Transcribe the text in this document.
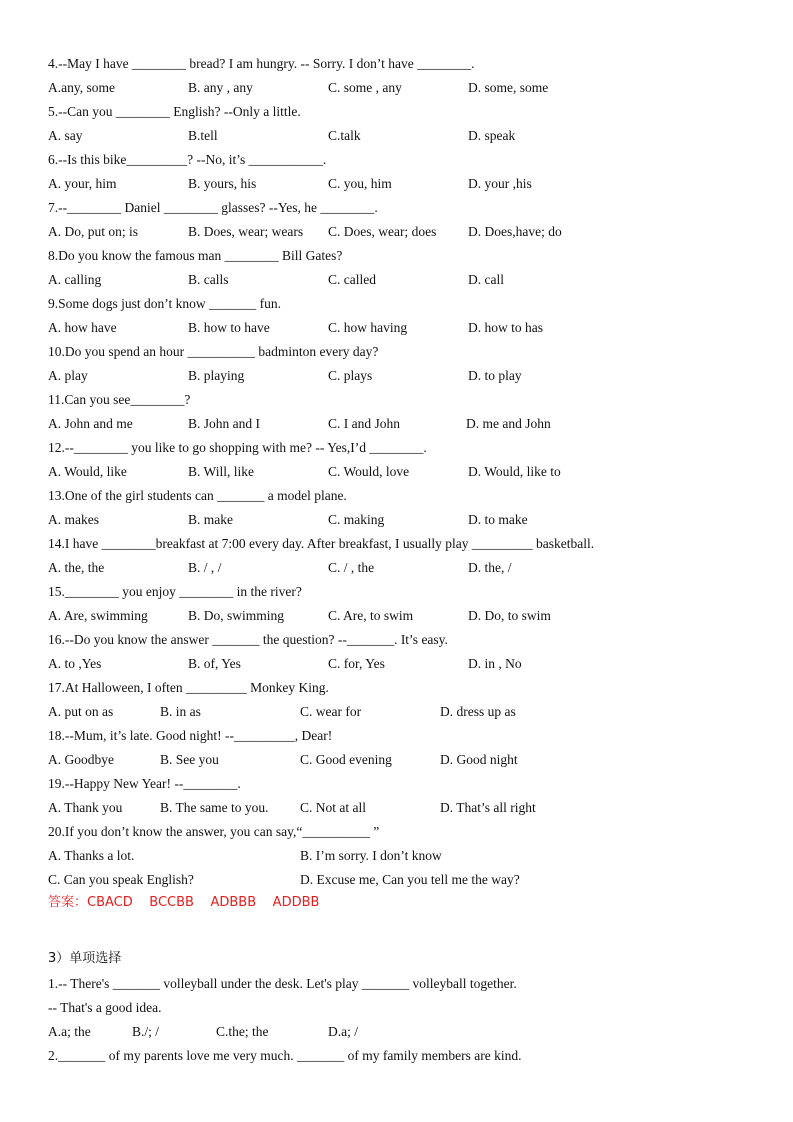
4.--May I have ________ bread? I am hungry. -- Sorry. I don’t have ________.
A.any, some	B. any , any	C. some , any	D. some, some
5.--Can you ________ English? --Only a little.
A. say	B.tell	C.talk	D. speak
6.--Is this bike_________? --No, it’s ___________.
A. your, him	B. yours, his	C. you, him	D. your ,his
7.--________ Daniel ________ glasses? --Yes, he ________.
A. Do, put on; is	B. Does, wear; wears C. Does, wear; does D. Does,have; do
8.Do you know the famous man ________ Bill Gates?
A. calling	B. calls	C. called	D. call
9.Some dogs just don’t know _______ fun.
A. how have	B. how to have	C. how having	D. how to has
10.Do you spend an hour __________ badminton every day?
A. play	B. playing	C. plays	D. to play
11.Can you see________?
A. John and me	B. John and I	C. I and John	D. me and John
12.--________ you like to go shopping with me? -- Yes,I’d ________.
A. Would, like	B. Will, like	C. Would, love	D. Would, like to
13.One of the girl students can _______ a model plane.
A. makes	B. make	C. making	D. to make
14.I have ________breakfast at 7:00 every day. After breakfast, I usually play _________ basketball.
A. the, the	B. / , /	C. / , the	D. the, /
15.________ you enjoy ________ in the river?
A. Are, swimming	B. Do, swimming	C. Are, to swim	D. Do, to swim
16.--Do you know the answer _______ the question? --_______. It’s easy.
A. to ,Yes	B. of, Yes	C. for, Yes	D. in , No
17.At Halloween, I often _________ Monkey King.
A. put on as	B. in as	C. wear for	D. dress up as
18.--Mum, it’s late. Good night! --_________, Dear!
A. Goodbye	B. See you	C. Good evening	D. Good night
19.--Happy New Year! --________.
A. Thank you	B. The same to you. C. Not at all	D. That’s all right
20.If you don’t know the answer, you can say,“__________ ”
A. Thanks a lot.	B. I’m sorry. I don’t know
C. Can you speak English?	D. Excuse me, Can you tell me the way?
答案：CBACD    BCCBB    ADBBB    ADDBB
3）单项选择
1.-- There's _______ volleyball under the desk. Let's play _______ volleyball together.
-- That's a good idea.
A.a; the	B./; /	C.the; the	D.a; /
2._______ of my parents love me very much. _______ of my family members are kind.
